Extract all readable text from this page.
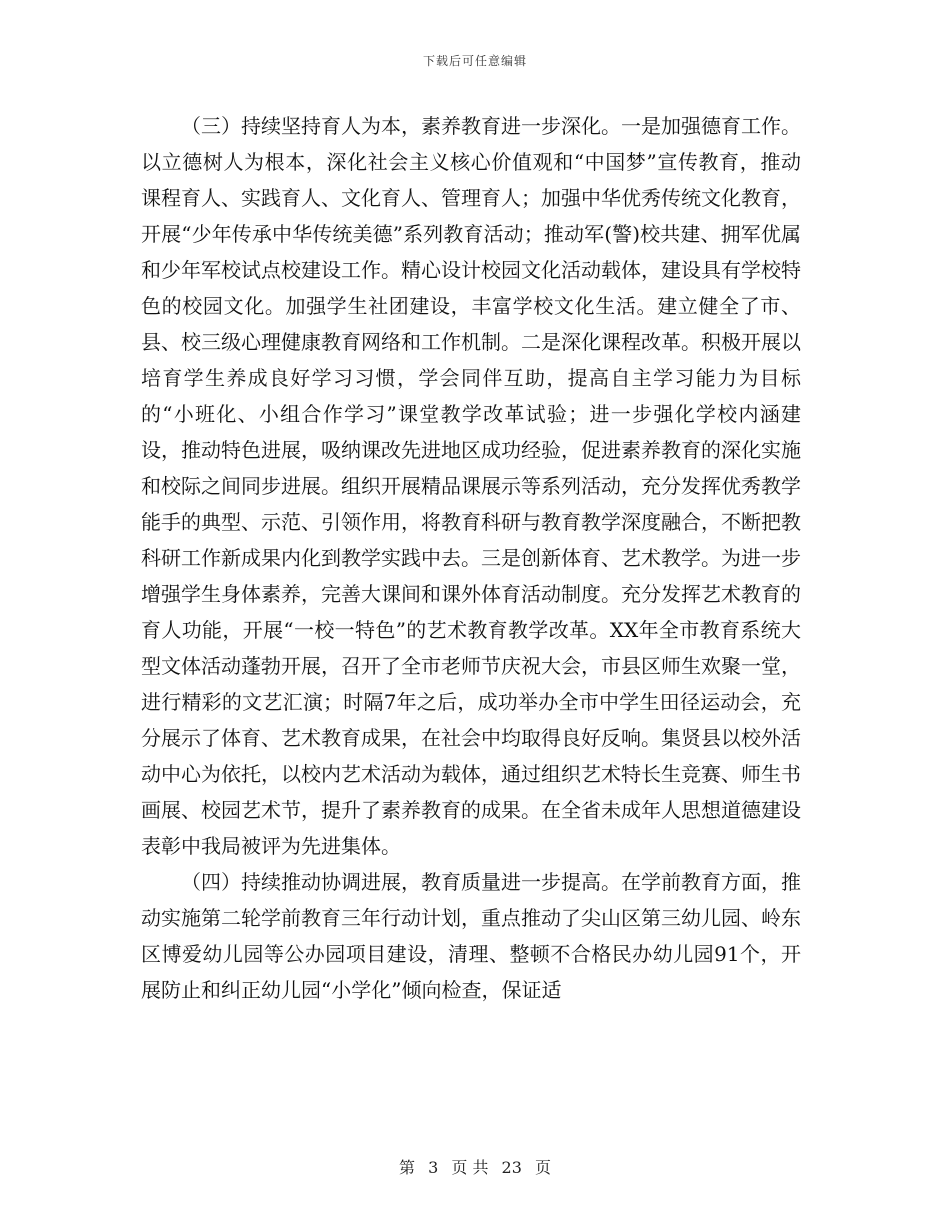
下载后可任意编辑

（三）持续坚持育人为本，素养教育进一步深化。一是加强德育工作。以立德树人为根本，深化社会主义核心价值观和“中国梦”宣传教育，推动课程育人、实践育人、文化育人、管理育人；加强中华优秀传统文化教育，开展“少年传承中华传统美德”系列教育活动；推动军(警)校共建、拥军优属和少年军校试点校建设工作。精心设计校园文化活动载体，建设具有学校特色的校园文化。加强学生社团建设，丰富学校文化生活。建立健全了市、县、校三级心理健康教育网络和工作机制。二是深化课程改革。积极开展以培育学生养成良好学习习惯，学会同伴互助，提高自主学习能力为目标的“小班化、小组合作学习”课堂教学改革试验；进一步强化学校内涵建设，推动特色进展，吸纳课改先进地区成功经验，促进素养教育的深化实施和校际之间同步进展。组织开展精品课展示等系列活动，充分发挥优秀教学能手的典型、示范、引领作用，将教育科研与教育教学深度融合，不断把教科研工作新成果内化到教学实践中去。三是创新体育、艺术教学。为进一步增强学生身体素养，完善大课间和课外体育活动制度。充分发挥艺术教育的育人功能，开展“一校一特色”的艺术教育教学改革。XX年全市教育系统大型文体活动蓬勃开展，召开了全市老师节庆祝大会，市县区师生欢聚一堂，进行精彩的文艺汇演；时隔7年之后，成功举办全市中学生田径运动会，充分展示了体育、艺术教育成果，在社会中均取得良好反响。集贤县以校外活动中心为依托，以校内艺术活动为载体，通过组织艺术特长生竞赛、师生书画展、校园艺术节，提升了素养教育的成果。在全省未成年人思想道德建设表彰中我局被评为先进集体。

（四）持续推动协调进展，教育质量进一步提高。在学前教育方面，推动实施第二轮学前教育三年行动计划，重点推动了尖山区第三幼儿园、岭东区博爱幼儿园等公办园项目建设，清理、整顿不合格民办幼儿园91个，开展防止和纠正幼儿园“小学化”倾向检查，保证适

第 3 页 共 23 页
